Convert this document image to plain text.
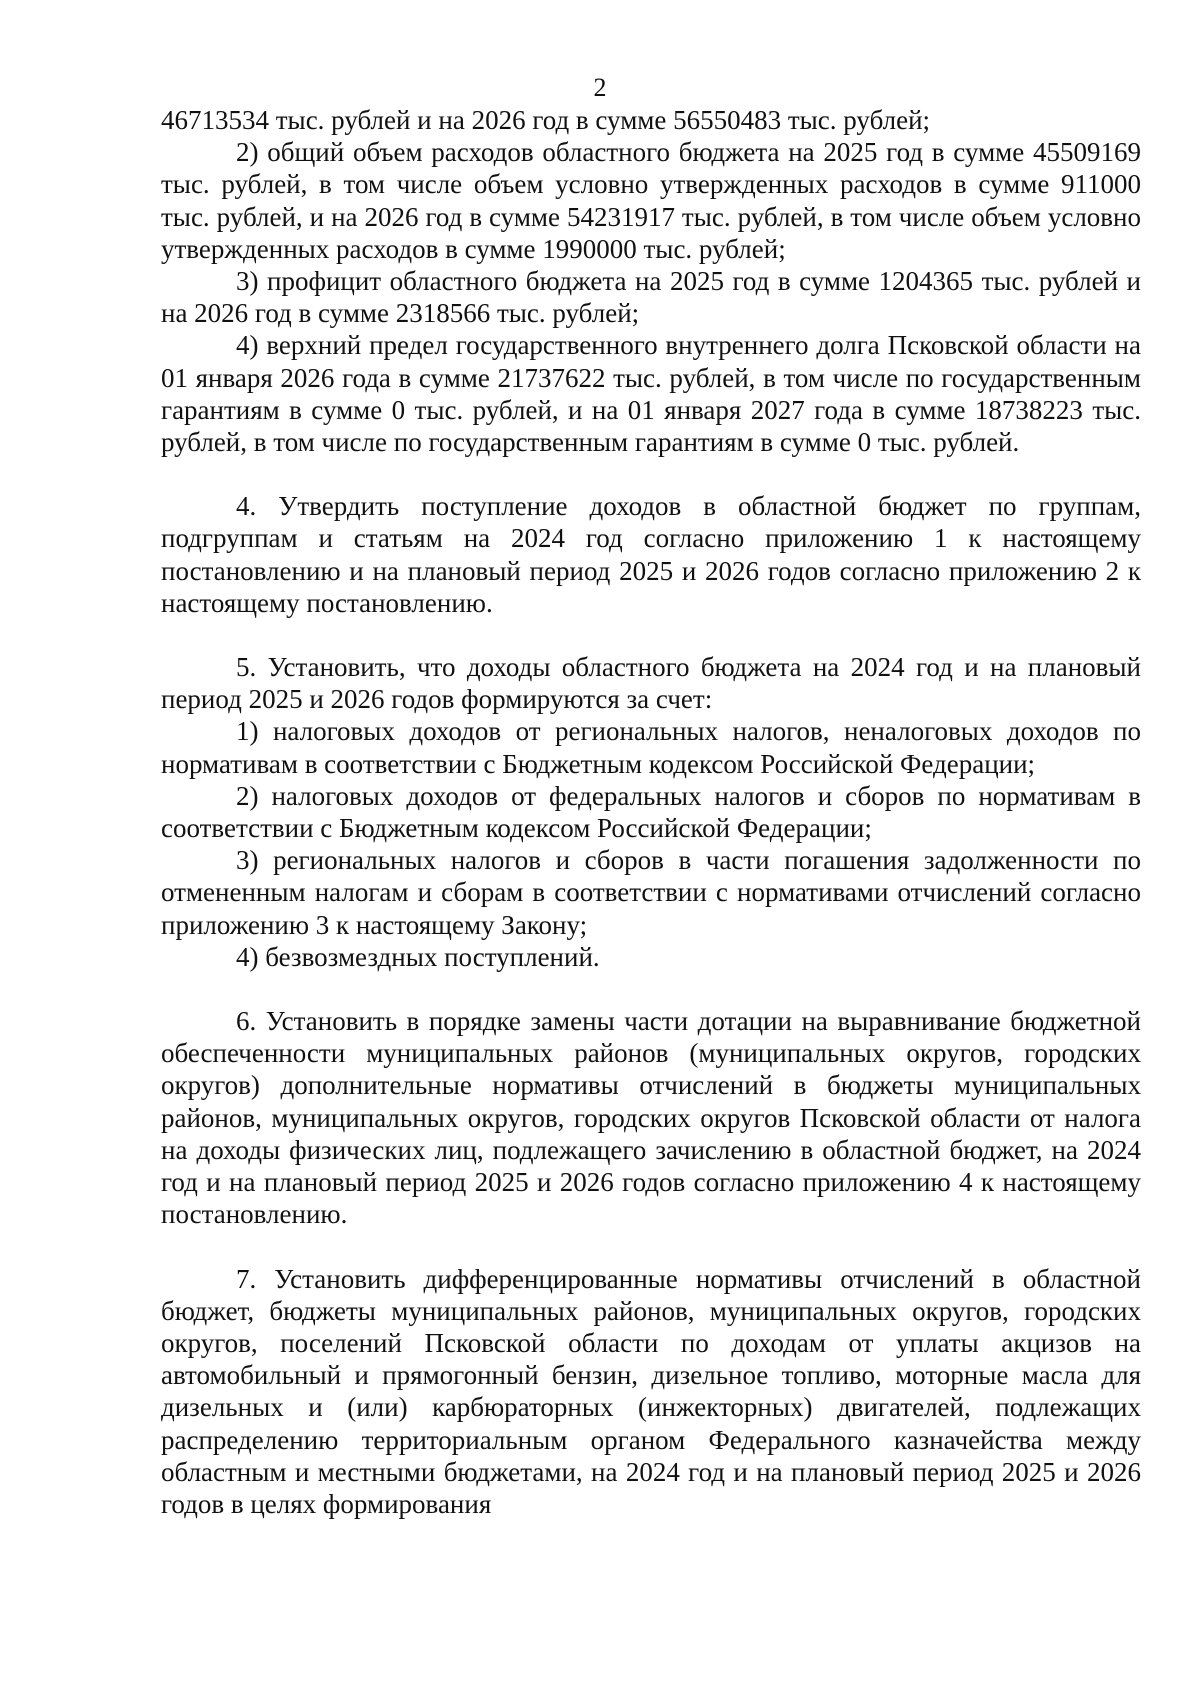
2

46713534 тыс. рублей и на 2026 год в сумме 56550483 тыс. рублей;

2) общий объем расходов областного бюджета на 2025 год в сумме 45509169 тыс. рублей, в том числе объем условно утвержденных расходов в сумме 911000 тыс. рублей, и на 2026 год в сумме 54231917 тыс. рублей, в том числе объем условно утвержденных расходов в сумме 1990000 тыс. рублей;

3) профицит областного бюджета на 2025 год в сумме 1204365 тыс. рублей и на 2026 год в сумме 2318566 тыс. рублей;

4) верхний предел государственного внутреннего долга Псковской области на 01 января 2026 года в сумме 21737622 тыс. рублей, в том числе по государственным гарантиям в сумме 0 тыс. рублей, и на 01 января 2027 года в сумме 18738223 тыс. рублей, в том числе по государственным гарантиям в сумме 0 тыс. рублей.

4. Утвердить поступление доходов в областной бюджет по группам, подгруппам и статьям на 2024 год согласно приложению 1 к настоящему постановлению и на плановый период 2025 и 2026 годов согласно приложению 2 к настоящему постановлению.

5. Установить, что доходы областного бюджета на 2024 год и на плановый период 2025 и 2026 годов формируются за счет:

1) налоговых доходов от региональных налогов, неналоговых доходов по нормативам в соответствии с Бюджетным кодексом Российской Федерации;

2) налоговых доходов от федеральных налогов и сборов по нормативам в соответствии с Бюджетным кодексом Российской Федерации;

3) региональных налогов и сборов в части погашения задолженности по отмененным налогам и сборам в соответствии с нормативами отчислений согласно приложению 3 к настоящему Закону;

4) безвозмездных поступлений.

6. Установить в порядке замены части дотации на выравнивание бюджетной обеспеченности муниципальных районов (муниципальных округов, городских округов) дополнительные нормативы отчислений в бюджеты муниципальных районов, муниципальных округов, городских округов Псковской области от налога на доходы физических лиц, подлежащего зачислению в областной бюджет, на 2024 год и на плановый период 2025 и 2026 годов согласно приложению 4 к настоящему постановлению.

7. Установить дифференцированные нормативы отчислений в областной бюджет, бюджеты муниципальных районов, муниципальных округов, городских округов, поселений Псковской области по доходам от уплаты акцизов на автомобильный и прямогонный бензин, дизельное топливо, моторные масла для дизельных и (или) карбюраторных (инжекторных) двигателей, подлежащих распределению территориальным органом Федерального казначейства между областным и местными бюджетами, на 2024 год и на плановый период 2025 и 2026 годов в целях формирования
